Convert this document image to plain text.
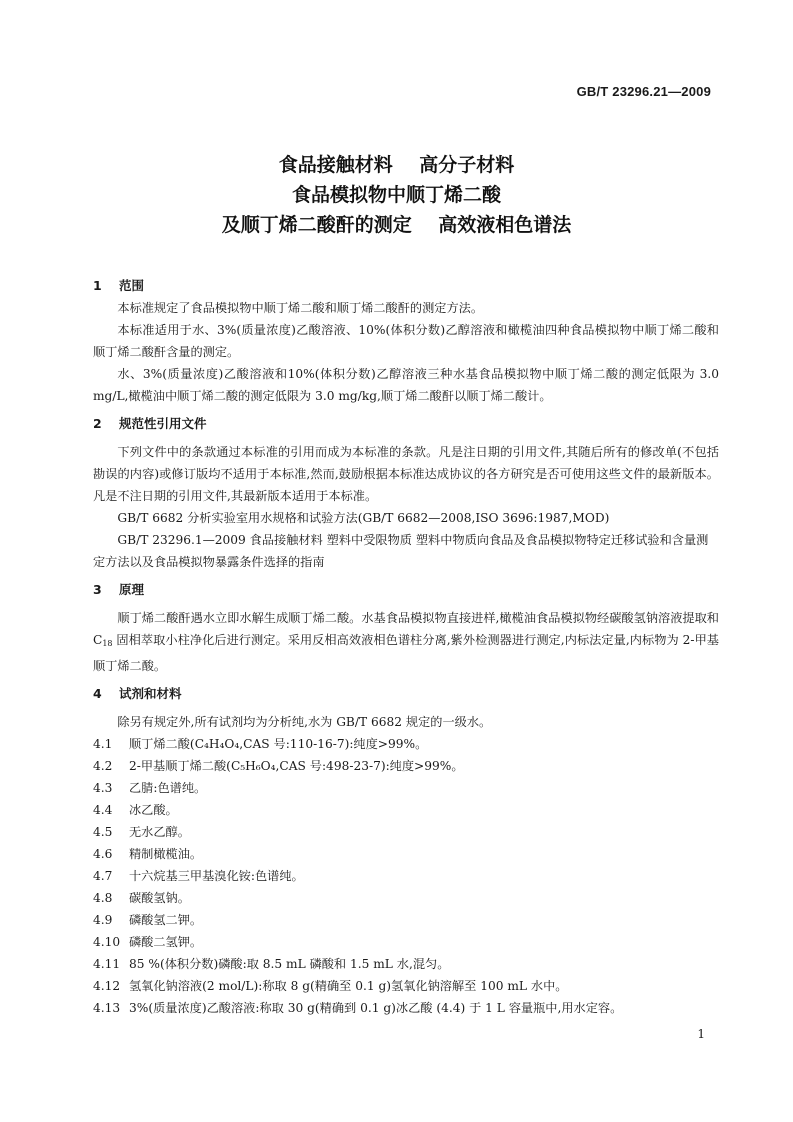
GB/T 23296.21—2009
食品接触材料    高分子材料
食品模拟物中顺丁烯二酸
及顺丁烯二酸酐的测定    高效液相色谱法
1 范围

本标准规定了食品模拟物中顺丁烯二酸和顺丁烯二酸酐的测定方法。

本标准适用于水、3%(质量浓度)乙酸溶液、10%(体积分数)乙醇溶液和橄榄油四种食品模拟物中顺丁烯二酸和顺丁烯二酸酐含量的测定。

水、3%(质量浓度)乙酸溶液和10%(体积分数)乙醇溶液三种水基食品模拟物中顺丁烯二酸的测定低限为 3.0 mg/L,橄榄油中顺丁烯二酸的测定低限为 3.0 mg/kg,顺丁烯二酸酐以顺丁烯二酸计。

2 规范性引用文件

下列文件中的条款通过本标准的引用而成为本标准的条款。凡是注日期的引用文件,其随后所有的修改单(不包括勘误的内容)或修订版均不适用于本标准,然而,鼓励根据本标准达成协议的各方研究是否可使用这些文件的最新版本。凡是不注日期的引用文件,其最新版本适用于本标准。

GB/T 6682 分析实验室用水规格和试验方法(GB/T 6682—2008,ISO 3696:1987,MOD)

GB/T 23296.1—2009 食品接触材料 塑料中受限物质 塑料中物质向食品及食品模拟物特定迁移试验和含量测定方法以及食品模拟物暴露条件选择的指南

3 原理

顺丁烯二酸酐遇水立即水解生成顺丁烯二酸。水基食品模拟物直接进样,橄榄油食品模拟物经碳酸氢钠溶液提取和 $C_{18}$ 固相萃取小柱净化后进行测定。采用反相高效液相色谱柱分离,紫外检测器进行测定,内标法定量,内标物为 2-甲基顺丁烯二酸。

4 试剂和材料

除另有规定外,所有试剂均为分析纯,水为 GB/T 6682 规定的一级水。

4.1 顺丁烯二酸(C₄H₄O₄,CAS 号:110-16-7):纯度>99%。

4.2 2-甲基顺丁烯二酸(C₅H₆O₄,CAS 号:498-23-7):纯度>99%。

4.3 乙腈:色谱纯。

4.4 冰乙酸。

4.5 无水乙醇。

4.6 精制橄榄油。

4.7 十六烷基三甲基溴化铵:色谱纯。

4.8 碳酸氢钠。

4.9 磷酸氢二钾。

4.10 磷酸二氢钾。

4.11 85 %(体积分数)磷酸:取 8.5 mL 磷酸和 1.5 mL 水,混匀。

4.12 氢氧化钠溶液(2 mol/L):称取 8 g(精确至 0.1 g)氢氧化钠溶解至 100 mL 水中。

4.13 3%(质量浓度)乙酸溶液:称取 30 g(精确到 0.1 g)冰乙酸 (4.4) 于 1 L 容量瓶中,用水定容。

1
